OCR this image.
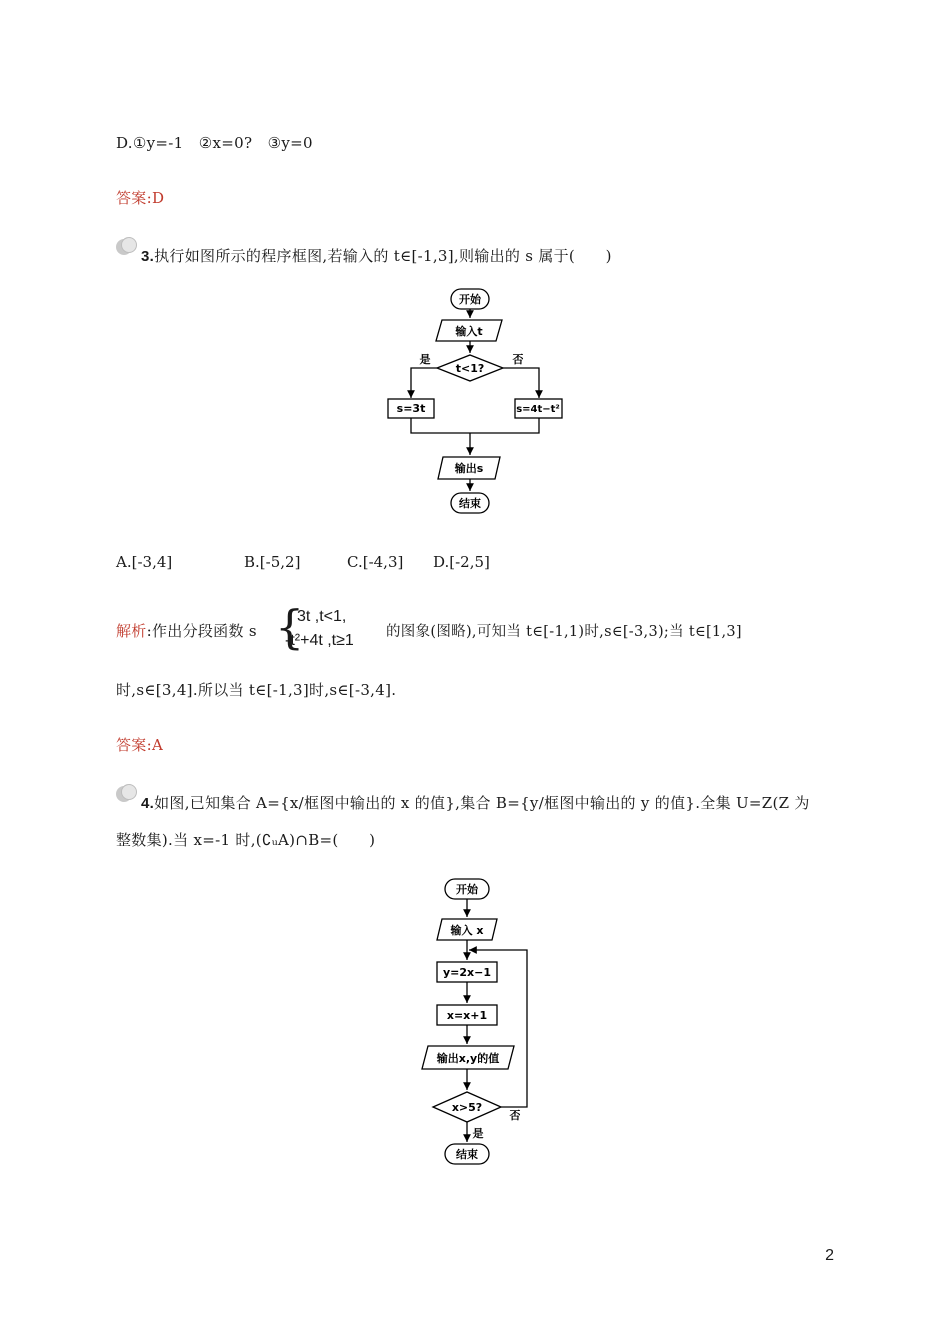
D.①y=-1　②x=0?　③y=0
答案:D
3.执行如图所示的程序框图,若输入的 t∈[-1,3],则输出的 s 属于(　　)
开始
输入t
t<1?
是	否
s=3t	s=4t−t²
输出s
结束
A.[-3,4]	B.[-5,2]	C.[-4,3] D.[-2,5]
解析:作出分段函数 s {
3t ,t<1,
-t²+4t ,t≥1 的图象(图略),可知当 t∈[-1,1)时,s∈[-3,3);当 t∈[1,3]
时,s∈[3,4].所以当 t∈[-1,3]时,s∈[-3,4].
答案:A
4.如图,已知集合 A={x/框图中输出的 x 的值},集合 B={y/框图中输出的 y 的值}.全集 U=Z(Z 为
整数集).当 x=-1 时,(∁ᵤA)∩B=(　　)
开始
输入 x
y=2x−1
x=x+1
输出x,y的值
x>5?
否
是
结束
2
